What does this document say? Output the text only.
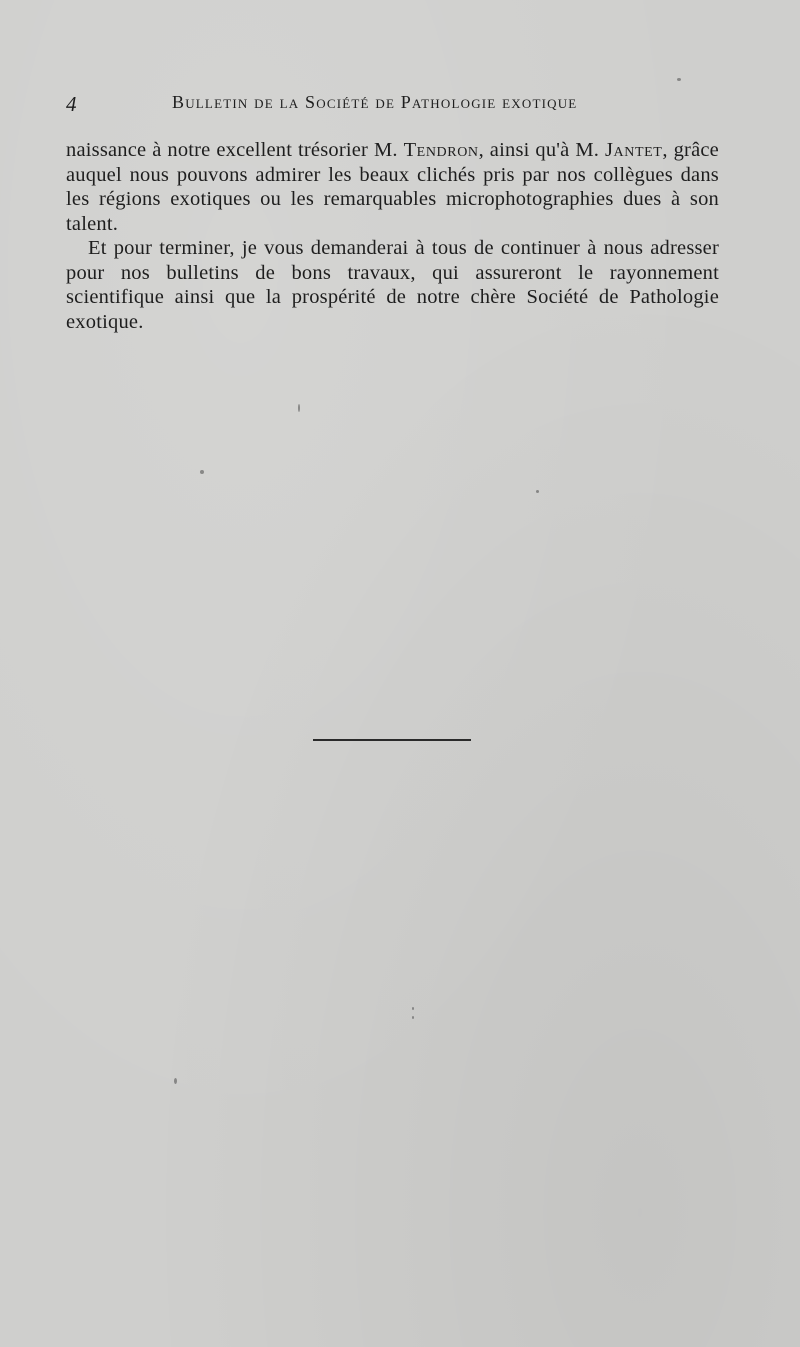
4	Bulletin de la Société de Pathologie exotique

naissance à notre excellent trésorier M. Tendron, ainsi qu'à M. Jantet, grâce auquel nous pouvons admirer les beaux clichés pris par nos collègues dans les régions exotiques ou les remarquables microphotographies dues à son talent.

Et pour terminer, je vous demanderai à tous de continuer à nous adresser pour nos bulletins de bons travaux, qui assureront le rayonnement scientifique ainsi que la prospérité de notre chère Société de Pathologie exotique.
